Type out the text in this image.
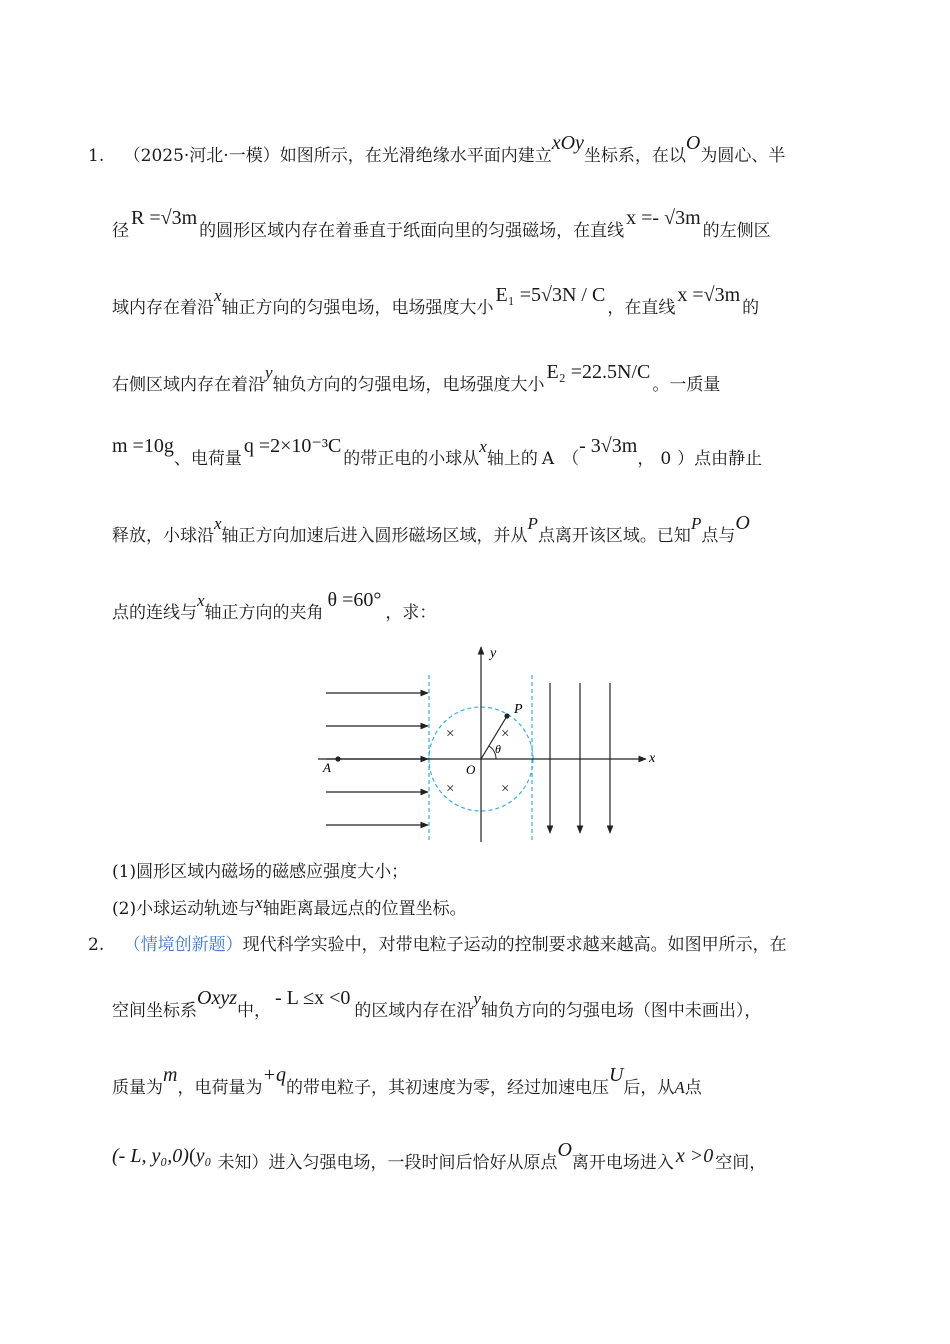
1. （2025·河北·一模）如图所示，在光滑绝缘水平面内建立xOy坐标系，在以O为圆心、半
径R =√3m的圆形区域内存在着垂直于纸面向里的匀强磁场，在直线x =- √3m的左侧区
域内存在着沿x轴正方向的匀强电场，电场强度大小E₁ =5√3N / C，在直线x =√3m的
右侧区域内存在着沿y轴负方向的匀强电场，电场强度大小E₂ =22.5N/C。一质量
m =10g、电荷量q =2×10⁻³C的带正电的小球从x轴上的 A （- 3√3m， 0 ）点由静止
释放，小球沿x轴正方向加速后进入圆形磁场区域，并从P点离开该区域。已知P点与O
点的连线与x轴正方向的夹角θ =60°，求：
y
x
×	×
×	×
P
θ
O
A
(1)圆形区域内磁场的磁感应强度大小；
(2)小球运动轨迹与x轴距离最远点的位置坐标。
2. （情境创新题）现代科学实验中，对带电粒子运动的控制要求越来越高。如图甲所示，在
空间坐标系Oxyz中，- L ≤x <0的区域内存在沿y轴负方向的匀强电场（图中未画出），
质量为m，电荷量为+q的带电粒子，其初速度为零，经过加速电压U后，从A点
(- L, y₀,0)(y₀ 未知）进入匀强电场，一段时间后恰好从原点O离开电场进入 x >0 空间，
